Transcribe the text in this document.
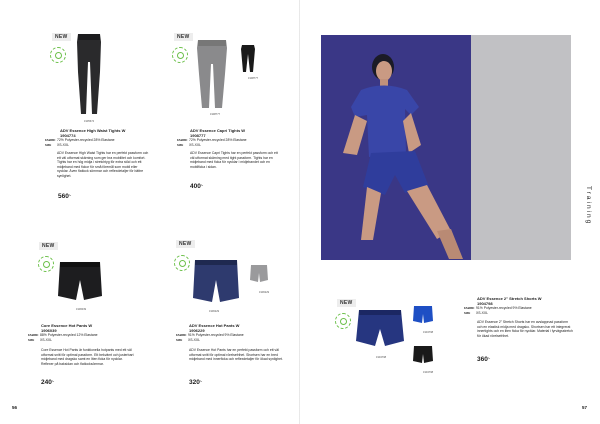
NEW
1905674
ADV Essence High Waist Tights W
1904774
FABRIC 72% Polyester-recycled 28% Elastane
SIZE XS-XXL
ADV Essence High Waist Tights har en perfekt passform och ett väl utformat skärning som ger bra mobilitet och komfort. Tights har en hög midja i stretchtyg för extra stöd och ett midjeband med fickor för små föremål som mobil eller nycklar. Även flatlock sömmar och reflexdetaljer för bättre synlighet.
560:-
NEW
1908777
1908777
ADV Essence Capri Tights W
1908777
FABRIC 72% Polyester-recycled 28% Elastane
SIZE XS-XXL
ADV Essence Capri Tights har en perfekt passform och ett väl utformat skärning med tight passform. Tights har en midjeband med ficka för nycklar i midjebandet och en mobilficka i sidan.
400:-
NEW
1906039
Core Essence Hot Pants W
1906039
FABRIC 88% Polyester-recycled 12% Elastane
SIZE XS-XXL
Core Essence Hot Pants är funktionella hotpants med ett väl utformat snitt för optimal passform. Ett bekvämt och justerbart midjeband med dragsko samt en liten ficka för nycklar. Reflexer på baksidan och flatlocksömmar.
240:-
NEW
1906229
1906229
ADV Essence Hot Pants W
1906229
FABRIC 91% Polyester-recycled 9% Elastane
SIZE XS-XXL
ADV Essence Hot Pants har en perfekt passform och ett väl utformat snitt för optimal rörelsefrihet. Shortsen har en bred midjeband med innerficka och reflexdetaljer för ökad synlighet.
320:-
56
Training
NEW
1904798
1904798
1904798
ADV Essence 2" Stretch Shorts W
1904798
FABRIC 91% Polyester-recycled 9% Elastane
SIZE XS-XXL
ADV Essence 2" Stretch Shorts har en avslappnad passform och en elastisk midja med dragsko. Shortsen har ett integrerat innertights och en liten ficka för nycklar. Material i fyrvägsstretch för ökad rörelsefrihet.
360:-
57
